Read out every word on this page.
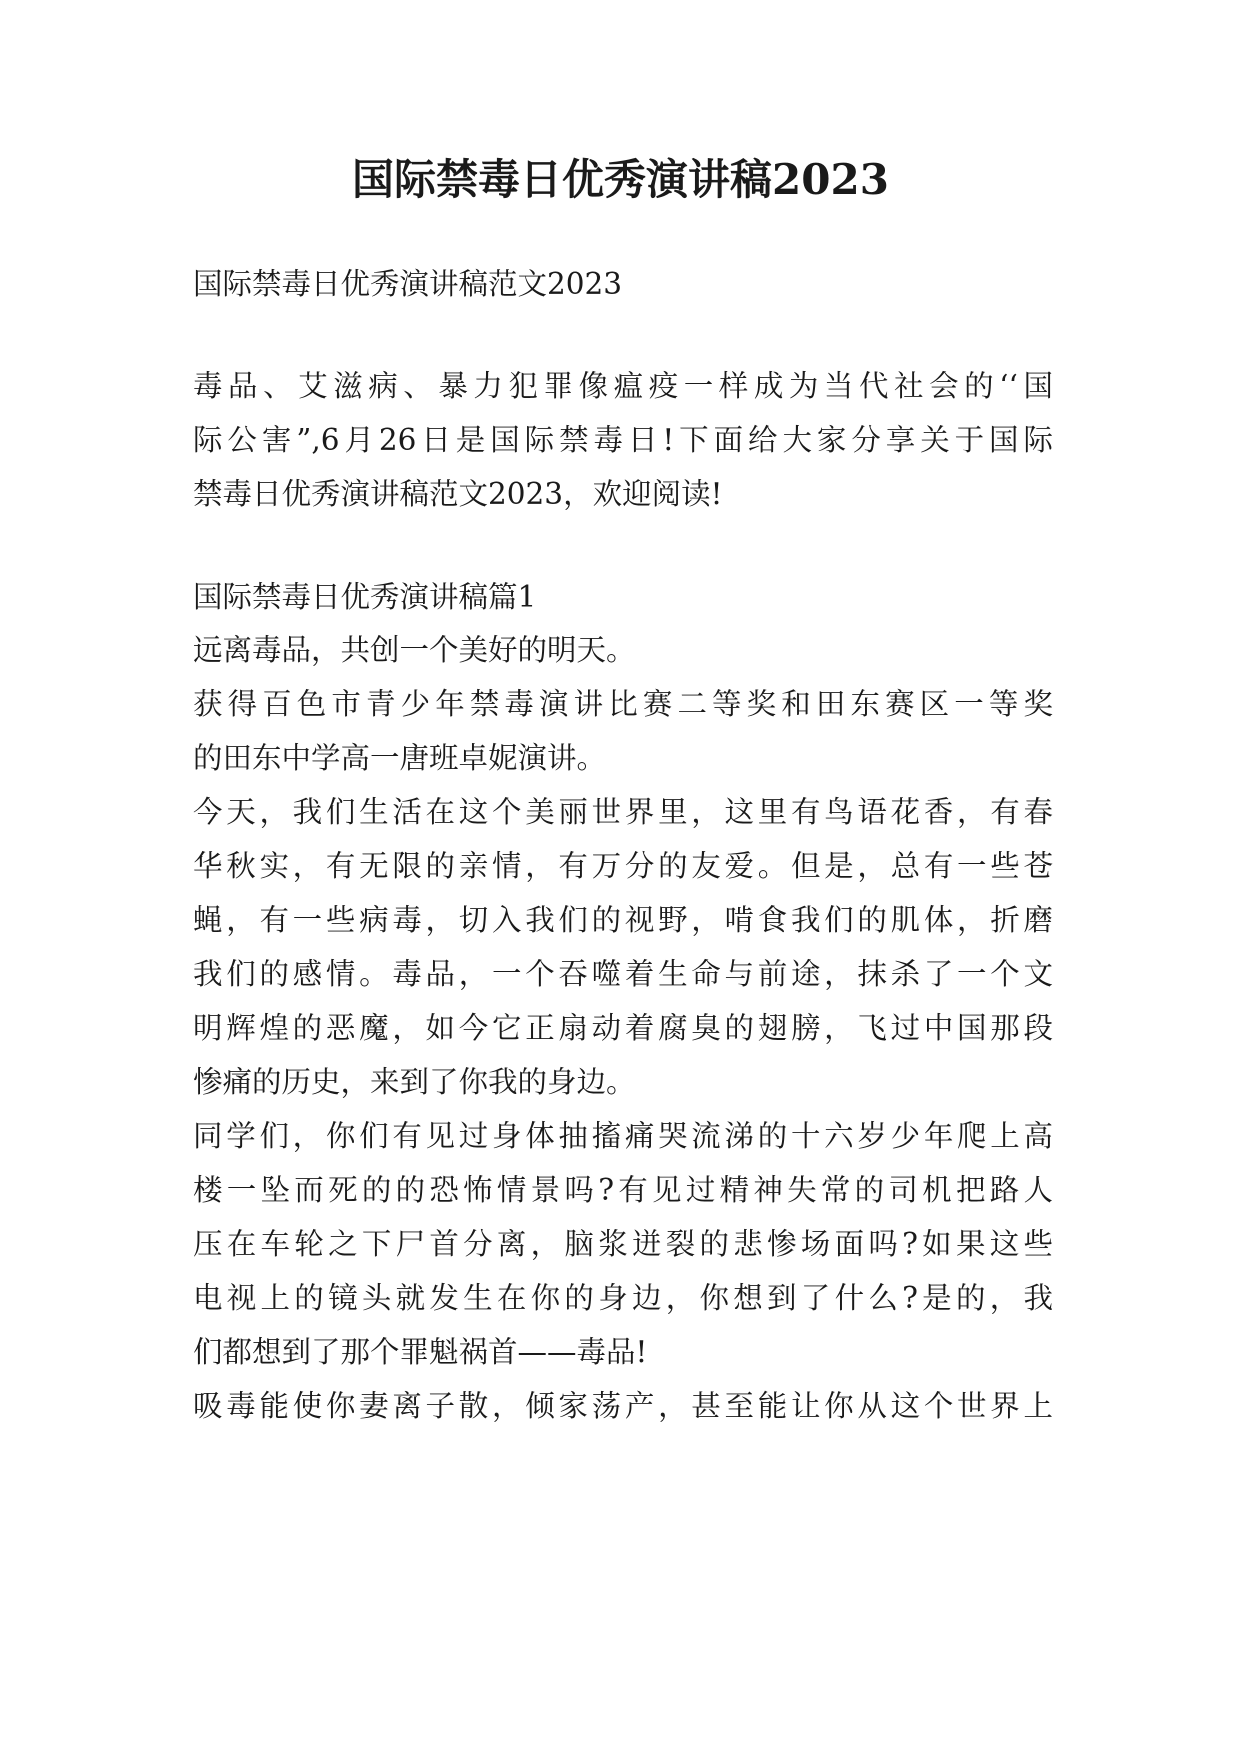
国际禁毒日优秀演讲稿2023
国际禁毒日优秀演讲稿范文2023
毒品、艾滋病、暴力犯罪像瘟疫一样成为当代社会的‘‘国
际公害”,6月26日是国际禁毒日!下面给大家分享关于国际
禁毒日优秀演讲稿范文2023，欢迎阅读!
国际禁毒日优秀演讲稿篇1
远离毒品，共创一个美好的明天。
获得百色市青少年禁毒演讲比赛二等奖和田东赛区一等奖
的田东中学高一唐班卓妮演讲。
今天，我们生活在这个美丽世界里，这里有鸟语花香，有春
华秋实，有无限的亲情，有万分的友爱。但是，总有一些苍
蝇，有一些病毒，切入我们的视野，啃食我们的肌体，折磨
我们的感情。毒品，一个吞噬着生命与前途，抹杀了一个文
明辉煌的恶魔，如今它正扇动着腐臭的翅膀，飞过中国那段
惨痛的历史，来到了你我的身边。
同学们，你们有见过身体抽搐痛哭流涕的十六岁少年爬上高
楼一坠而死的的恐怖情景吗?有见过精神失常的司机把路人
压在车轮之下尸首分离，脑浆迸裂的悲惨场面吗?如果这些
电视上的镜头就发生在你的身边，你想到了什么?是的，我
们都想到了那个罪魁祸首——毒品!
吸毒能使你妻离子散，倾家荡产，甚至能让你从这个世界上
